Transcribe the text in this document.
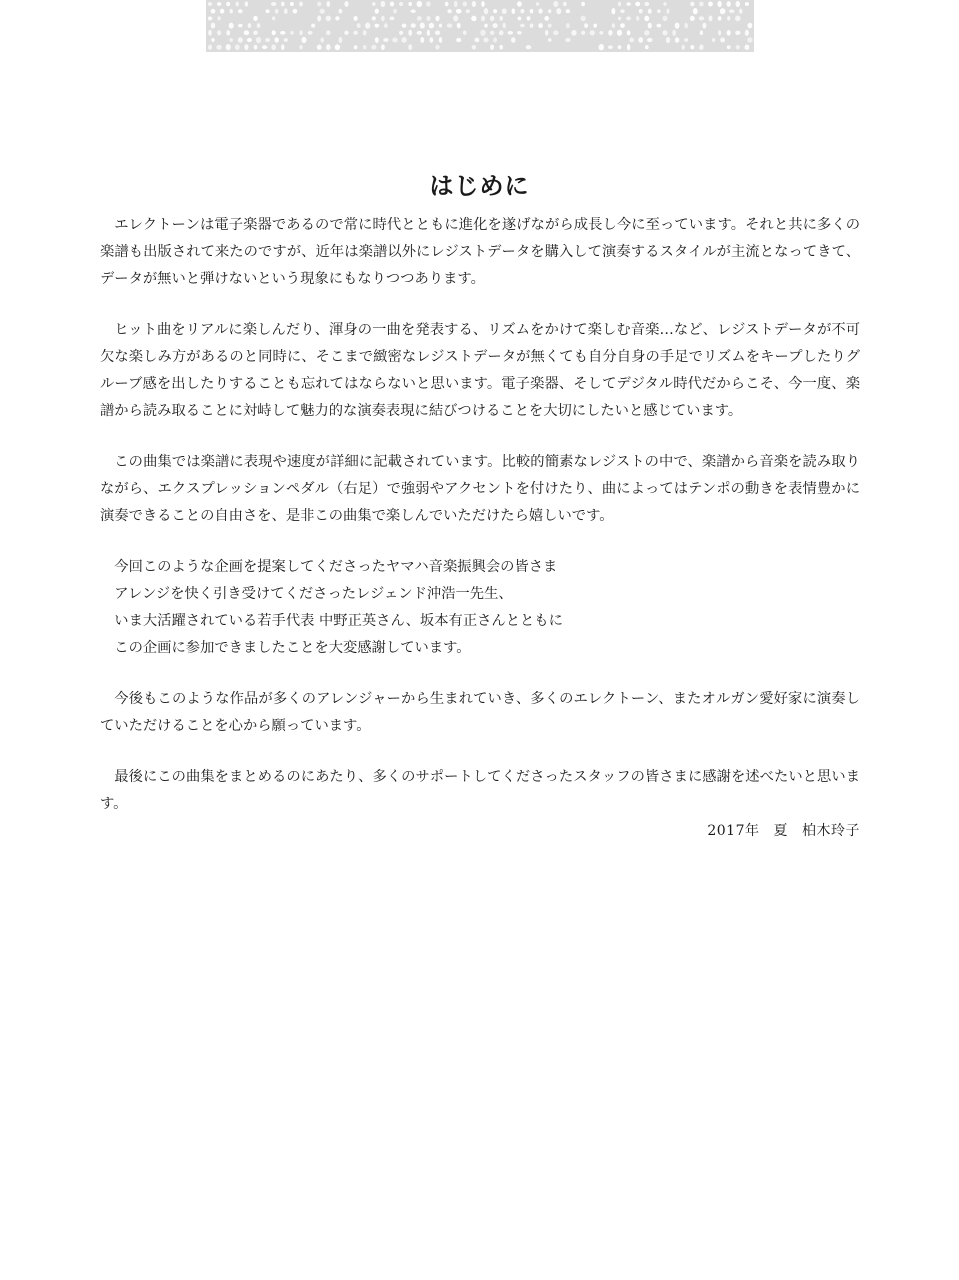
はじめに

エレクトーンは電子楽器であるので常に時代とともに進化を遂げながら成長し今に至っています。それと共に多くの楽譜も出版されて来たのですが、近年は楽譜以外にレジストデータを購入して演奏するスタイルが主流となってきて、データが無いと弾けないという現象にもなりつつあります。

ヒット曲をリアルに楽しんだり、渾身の一曲を発表する、リズムをかけて楽しむ音楽…など、レジストデータが不可欠な楽しみ方があるのと同時に、そこまで緻密なレジストデータが無くても自分自身の手足でリズムをキープしたりグルーブ感を出したりすることも忘れてはならないと思います。電子楽器、そしてデジタル時代だからこそ、今一度、楽譜から読み取ることに対峙して魅力的な演奏表現に結びつけることを大切にしたいと感じています。

この曲集では楽譜に表現や速度が詳細に記載されています。比較的簡素なレジストの中で、楽譜から音楽を読み取りながら、エクスプレッションペダル（右足）で強弱やアクセントを付けたり、曲によってはテンポの動きを表情豊かに演奏できることの自由さを、是非この曲集で楽しんでいただけたら嬉しいです。

今回このような企画を提案してくださったヤマハ音楽振興会の皆さま
アレンジを快く引き受けてくださったレジェンド沖浩一先生、
いま大活躍されている若手代表 中野正英さん、坂本有正さんとともに
この企画に参加できましたことを大変感謝しています。

今後もこのような作品が多くのアレンジャーから生まれていき、多くのエレクトーン、またオルガン愛好家に演奏していただけることを心から願っています。

最後にこの曲集をまとめるのにあたり、多くのサポートしてくださったスタッフの皆さまに感謝を述べたいと思います。

2017年 夏 柏木玲子
